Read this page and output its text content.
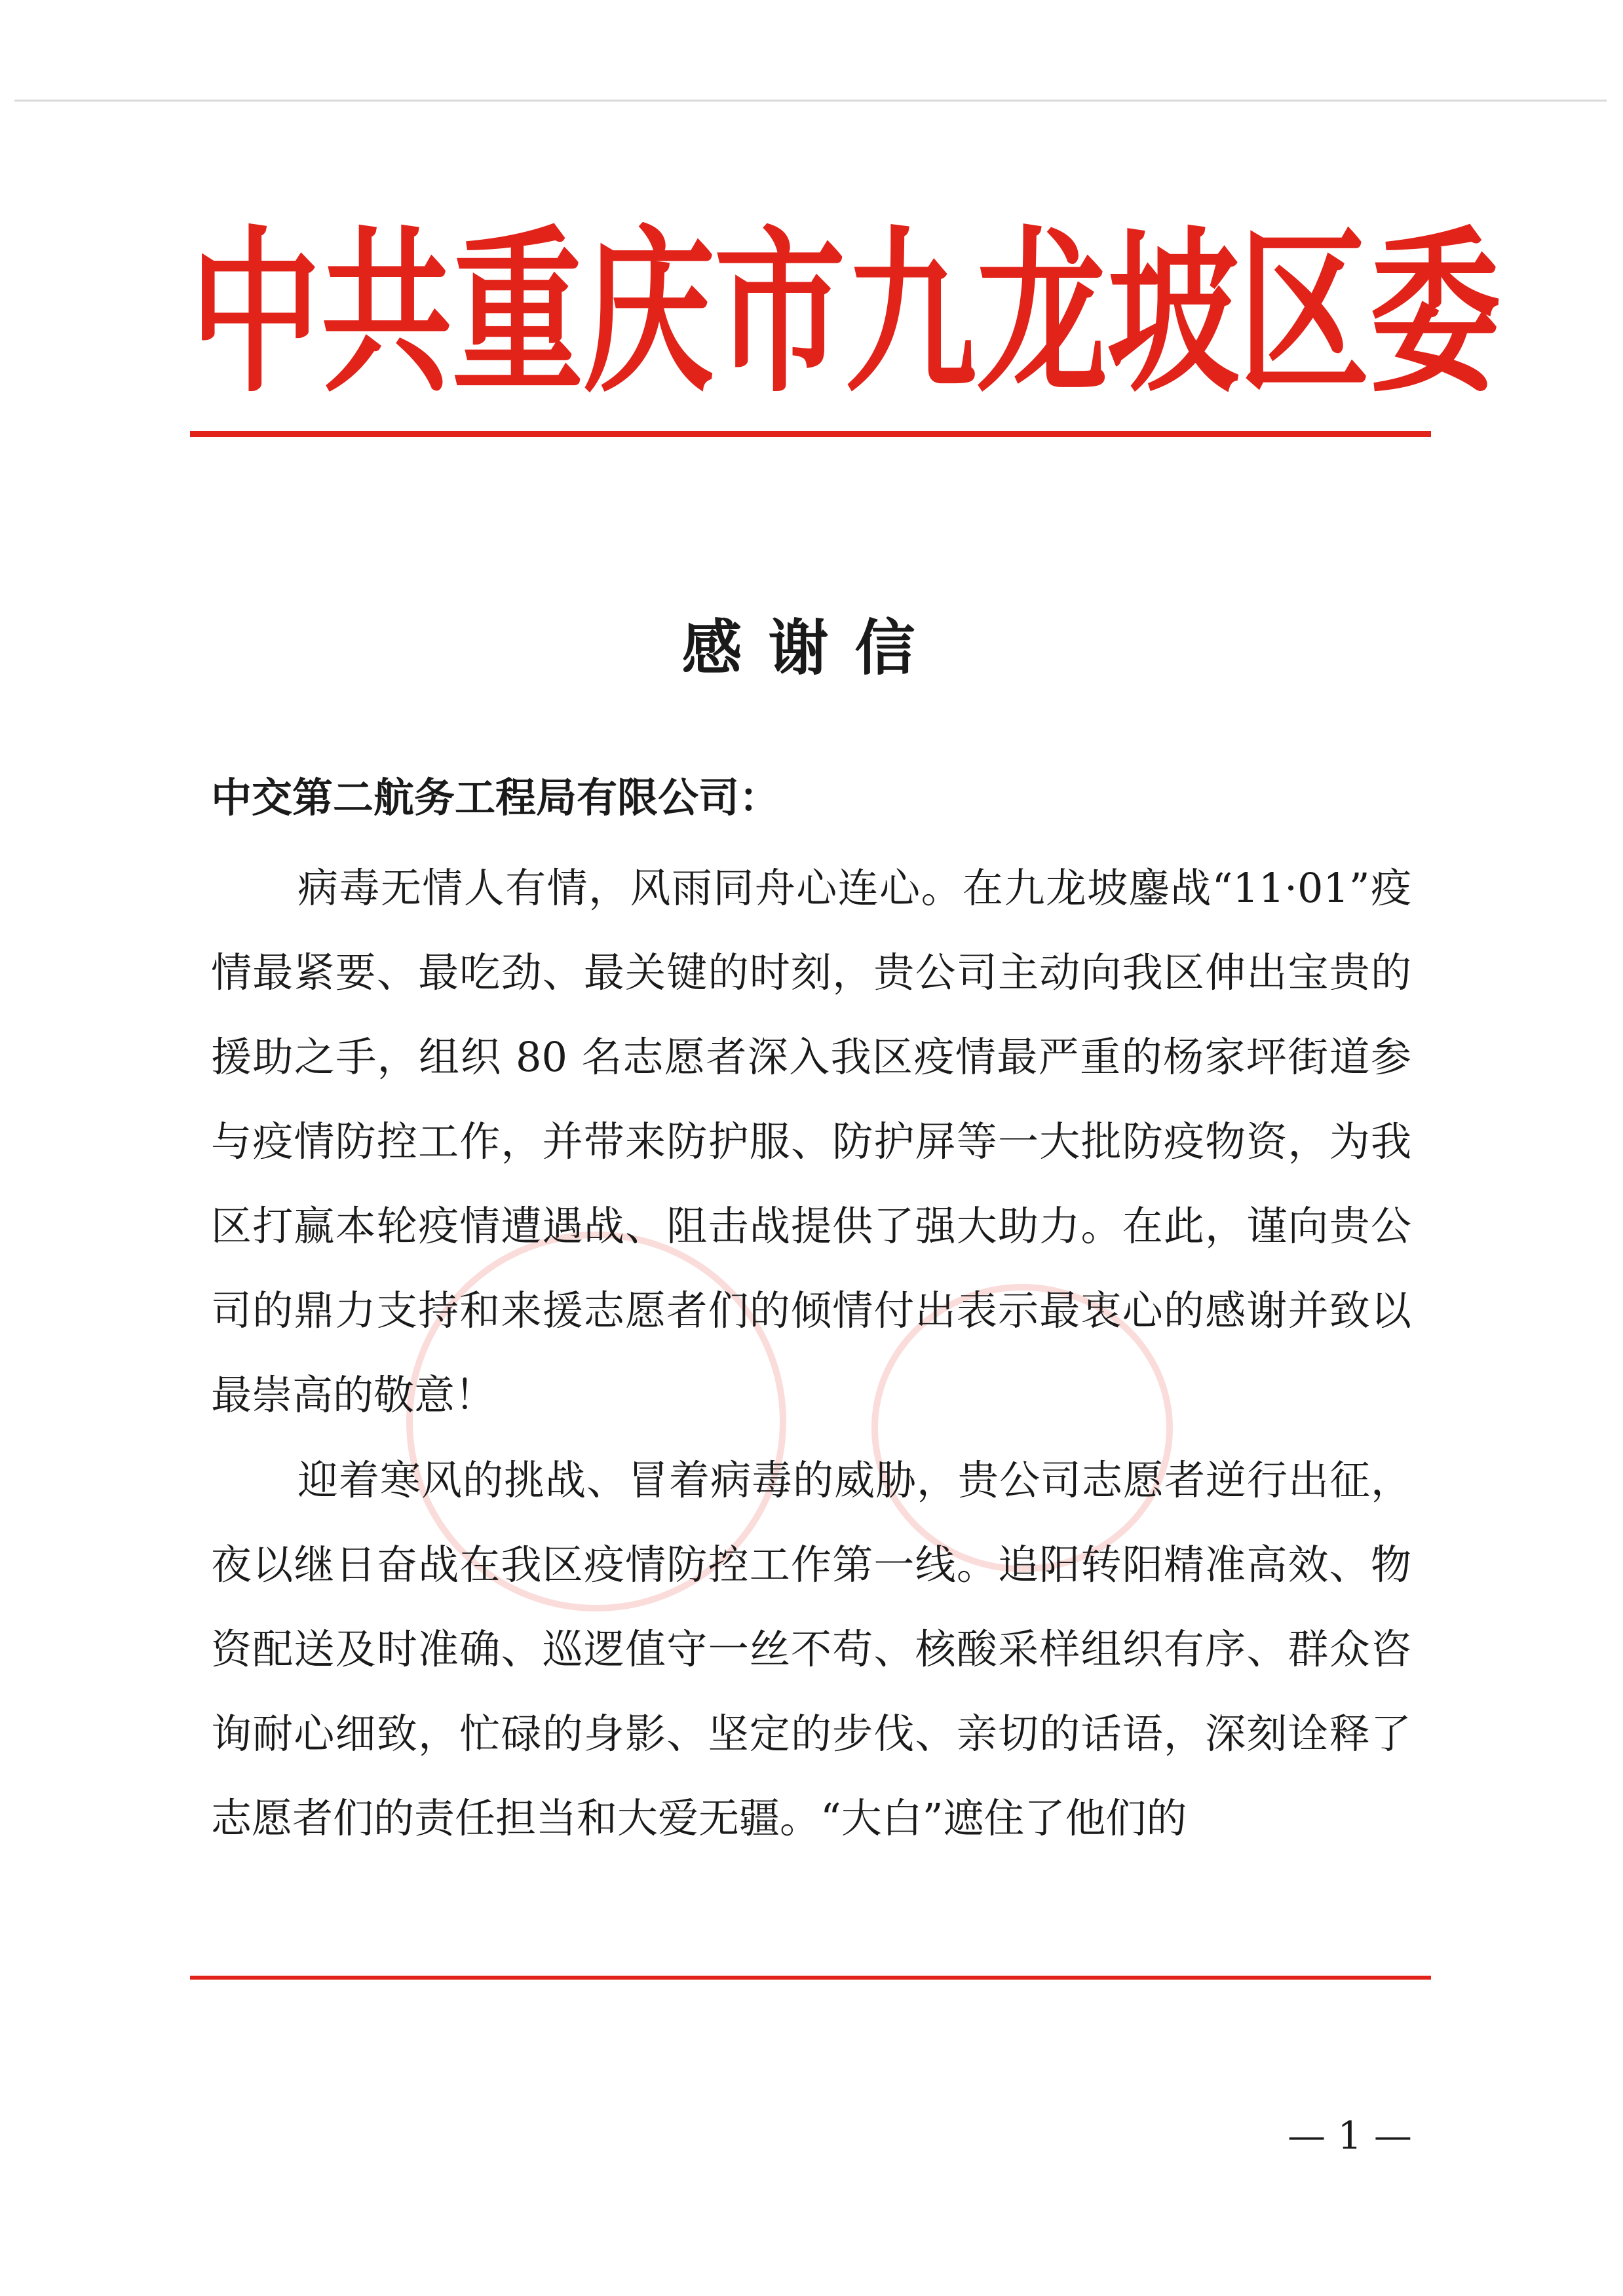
中 共 重 庆 市 九 龙 坡 区 委
感谢信
中交第二航务工程局有限公司：

病毒无情人有情，风雨同舟心连心。在九龙坡鏖战“11·01”疫情最紧要、最吃劲、最关键的时刻，贵公司主动向我区伸出宝贵的援助之手，组织 80 名志愿者深入我区疫情最严重的杨家坪街道参与疫情防控工作，并带来防护服、防护屏等一大批防疫物资，为我区打赢本轮疫情遭遇战、阻击战提供了强大助力。在此，谨向贵公司的鼎力支持和来援志愿者们的倾情付出表示最衷心的感谢并致以最崇高的敬意！

迎着寒风的挑战、冒着病毒的威胁，贵公司志愿者逆行出征，夜以继日奋战在我区疫情防控工作第一线。追阳转阳精准高效、物资配送及时准确、巡逻值守一丝不苟、核酸采样组织有序、群众咨询耐心细致，忙碌的身影、坚定的步伐、亲切的话语，深刻诠释了志愿者们的责任担当和大爱无疆。“大白”遮住了他们的

— 1 —
